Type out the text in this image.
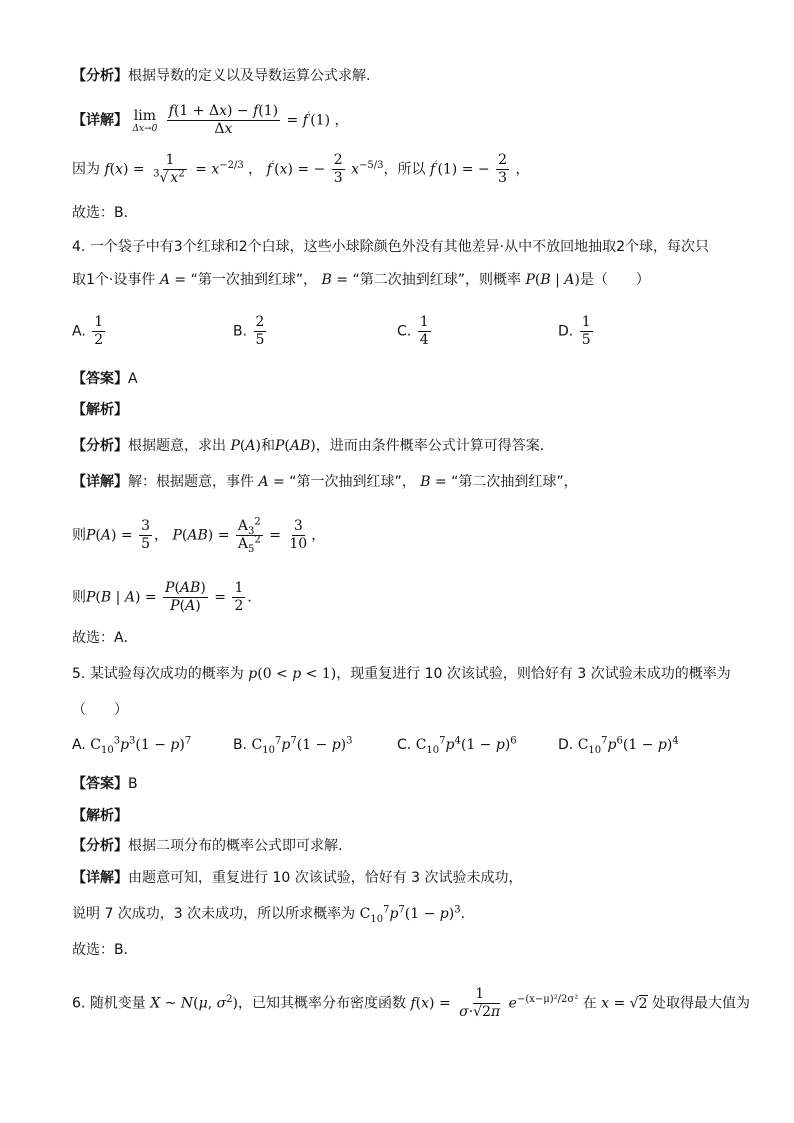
【分析】根据导数的定义以及导数运算公式求解.
【详解】 lim
Δx→0
$\frac{f(1 + \Delta x) - f(1)}{\Delta x} = f'(1)$ ，
因为 $f(x) = \frac{1}{^3√ x^2} = x^{-2/3}$ ， f′(x) = − $\frac{2}{3} x^{-5/3}$，所以 f′(1) = − $\frac{2}{3}$ ，
故选：B．
4. 一个袋子中有3个红球和2个白球，这些小球除颜色外没有其他差异·从中不放回地抽取2个球，每次只
取1个·设事件 A = “第一次抽到红球”， B = “第二次抽到红球”，则概率 P(B | A)是（　　）
A. $\frac{1}{2}$	B. $\frac{2}{5}$	C. $\frac{1}{4}$	D. $\frac{1}{5}$
【答案】A
【解析】
【分析】根据题意，求出 P(A)和P(AB)，进而由条件概率公式计算可得答案．
【详解】解：根据题意，事件 A = “第一次抽到红球”， B = “第二次抽到红球”，
则$P(A) = \frac{3}{5}$ ， $P(AB) = \frac{A_3^2}{A_5^2} = \frac{3}{10}$ ，
则P(B | $A) = \frac{P(AB)}{P(A)} = \frac{1}{2}$ ．
故选：A．
5. 某试验每次成功的概率为 p(0 < p < 1)，现重复进行 10 次该试验，则恰好有 3 次试验未成功的概率为
（　　）
A. $C_{10}^3p^3(1 - p)^7$	B. $C_{10}^7p^7(1 - p)^3$	C. $C_{10}^7p^4(1 - p)^6$	D. $C_{10}^7p^6(1 - p)^4$
【答案】B
【解析】
【分析】根据二项分布的概率公式即可求解.
【详解】由题意可知，重复进行 10 次该试验，恰好有 3 次试验未成功，
说明 7 次成功，3 次未成功，所以所求概率为 $C_{10}^7p^7(1 - p)^3$．
故选：B．
6. 随机变量 X ~ N(μ, $\sigma^2$)，已知其概率分布密度函数 $f(x) = \frac{1}{\sigma\cdot√2\pi} e^{-(x-\mu)^2/2\sigma^2}$ 在 x = √2 处取得最大值为
